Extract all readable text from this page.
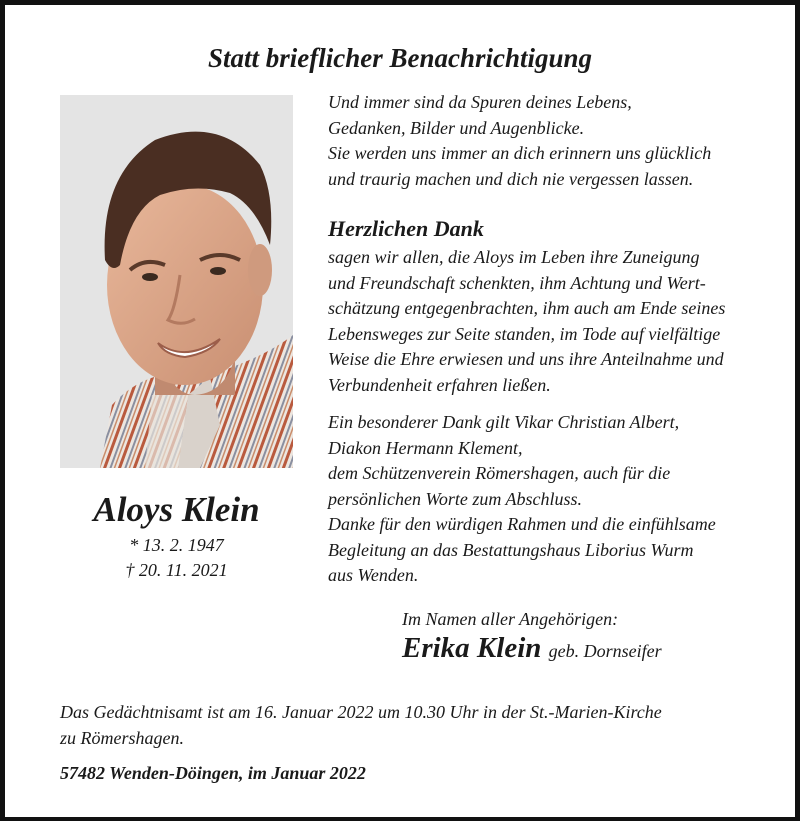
Statt brieflicher Benachrichtigung
Aloys Klein
* 13. 2. 1947
† 20. 11. 2021
Und immer sind da Spuren deines Lebens,
Gedanken, Bilder und Augenblicke.
Sie werden uns immer an dich erinnern uns glücklich
und traurig machen und dich nie vergessen lassen.
Herzlichen Dank
sagen wir allen, die Aloys im Leben ihre Zuneigung
und Freundschaft schenkten, ihm Achtung und Wert-
schätzung entgegenbrachten, ihm auch am Ende seines
Lebensweges zur Seite standen, im Tode auf vielfältige
Weise die Ehre erwiesen und uns ihre Anteilnahme und
Verbundenheit erfahren ließen.
Ein besonderer Dank gilt Vikar Christian Albert,
Diakon Hermann Klement,
dem Schützenverein Römershagen, auch für die
persönlichen Worte zum Abschluss.
Danke für den würdigen Rahmen und die einfühlsame
Begleitung an das Bestattungshaus Liborius Wurm
aus Wenden.
Im Namen aller Angehörigen:
Erika Klein geb. Dornseifer
Das Gedächtnisamt ist am 16. Januar 2022 um 10.30 Uhr in der St.-Marien-Kirche
zu Römershagen.
57482 Wenden-Döingen, im Januar 2022
